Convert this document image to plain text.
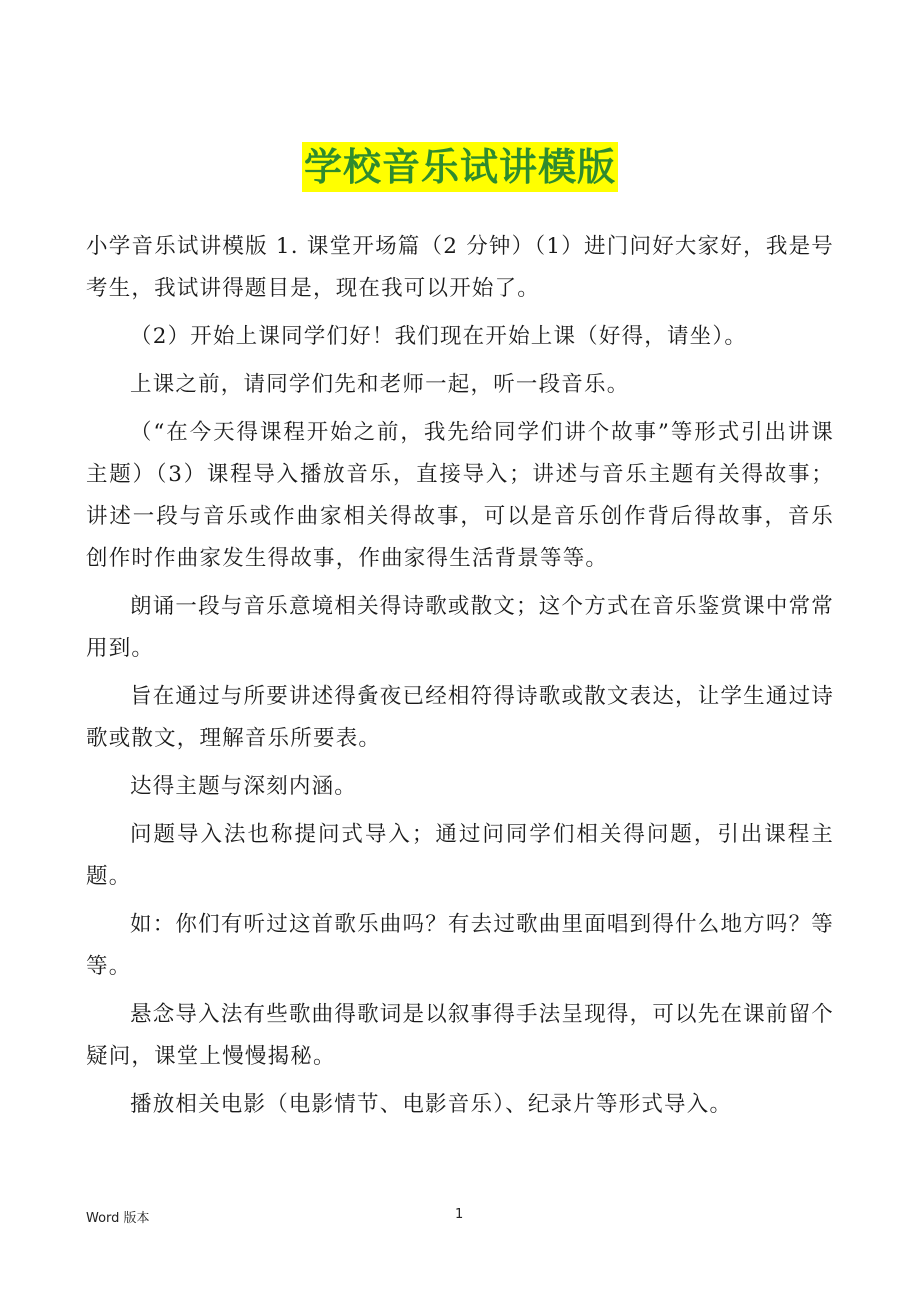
学校音乐试讲模版

小学音乐试讲模版 1. 课堂开场篇（2 分钟）（1）进门问好大家好，我是号考生，我试讲得题目是，现在我可以开始了。

（2）开始上课同学们好！我们现在开始上课（好得，请坐）。

上课之前，请同学们先和老师一起，听一段音乐。

（“在今天得课程开始之前，我先给同学们讲个故事”等形式引出讲课主题）（3）课程导入播放音乐，直接导入；讲述与音乐主题有关得故事；讲述一段与音乐或作曲家相关得故事，可以是音乐创作背后得故事，音乐创作时作曲家发生得故事，作曲家得生活背景等等。

朗诵一段与音乐意境相关得诗歌或散文；这个方式在音乐鉴赏课中常常用到。

旨在通过与所要讲述得夤夜已经相符得诗歌或散文表达，让学生通过诗歌或散文，理解音乐所要表。

达得主题与深刻内涵。

问题导入法也称提问式导入；通过问同学们相关得问题，引出课程主题。

如：你们有听过这首歌乐曲吗？有去过歌曲里面唱到得什么地方吗？等等。

悬念导入法有些歌曲得歌词是以叙事得手法呈现得，可以先在课前留个疑问，课堂上慢慢揭秘。

播放相关电影（电影情节、电影音乐）、纪录片等形式导入。

Word 版本	1
